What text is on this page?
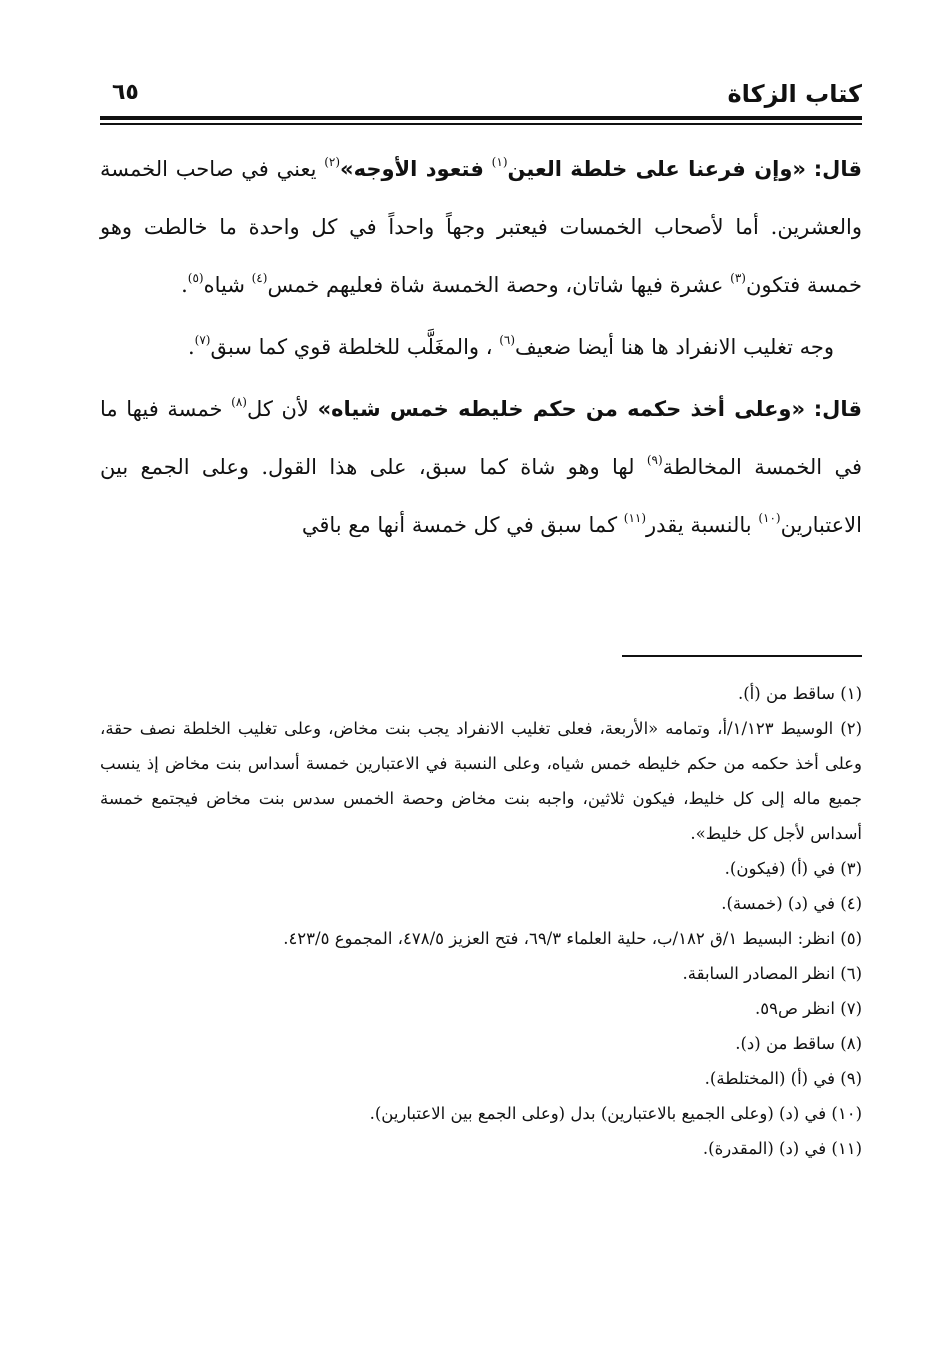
كتاب الزكاة
٦٥

قال: «وإن فرعنا على خلطة العين$^{(١)}$ فتعود الأوجه»$^{(٢)}$ يعني في صاحب الخمسة والعشرين. أما لأصحاب الخمسات فيعتبر وجهاً واحداً في كل واحدة ما خالطت وهو خمسة فتكون$^{(٣)}$ عشرة فيها شاتان، وحصة الخمسة شاة فعليهم خمس$^{(٤)}$ شياه$^{(٥)}$.

وجه تغليب الانفراد ها هنا أيضا ضعيف$^{(٦)}$ ، والمغَلَّب للخلطة قوي كما سبق$^{(٧)}$.

قال: «وعلى أخذ حكمه من حكم خليطه خمس شياه» لأن كل$^{(٨)}$ خمسة فيها ما في الخمسة المخالطة$^{(٩)}$ لها وهو شاة كما سبق، على هذا القول. وعلى الجمع بين الاعتبارين$^{(١٠)}$ بالنسبة يقدر$^{(١١)}$ كما سبق في كل خمسة أنها مع باقي

(١) ساقط من (أ).

(٢) الوسيط ١/١٢٣/أ، وتمامه «الأربعة، فعلى تغليب الانفراد يجب بنت مخاض، وعلى تغليب الخلطة نصف حقة، وعلى أخذ حكمه من حكم خليطه خمس شياه، وعلى النسبة في الاعتبارين خمسة أسداس بنت مخاض إذ ينسب جميع ماله إلى كل خليط، فيكون ثلاثين، واجبه بنت مخاض وحصة الخمس سدس بنت مخاض فيجتمع خمسة أسداس لأجل كل خليط».

(٣) في (أ) (فيكون).

(٤) في (د) (خمسة).

(٥) انظر: البسيط ١/ق ١٨٢/ب، حلية العلماء ٦٩/٣، فتح العزيز ٤٧٨/٥، المجموع ٤٢٣/٥.

(٦) انظر المصادر السابقة.

(٧) انظر ص٥٩.

(٨) ساقط من (د).

(٩) في (أ) (المختلطة).

(١٠) في (د) (وعلى الجميع بالاعتبارين) بدل (وعلى الجمع بين الاعتبارين).

(١١) في (د) (المقدرة).
